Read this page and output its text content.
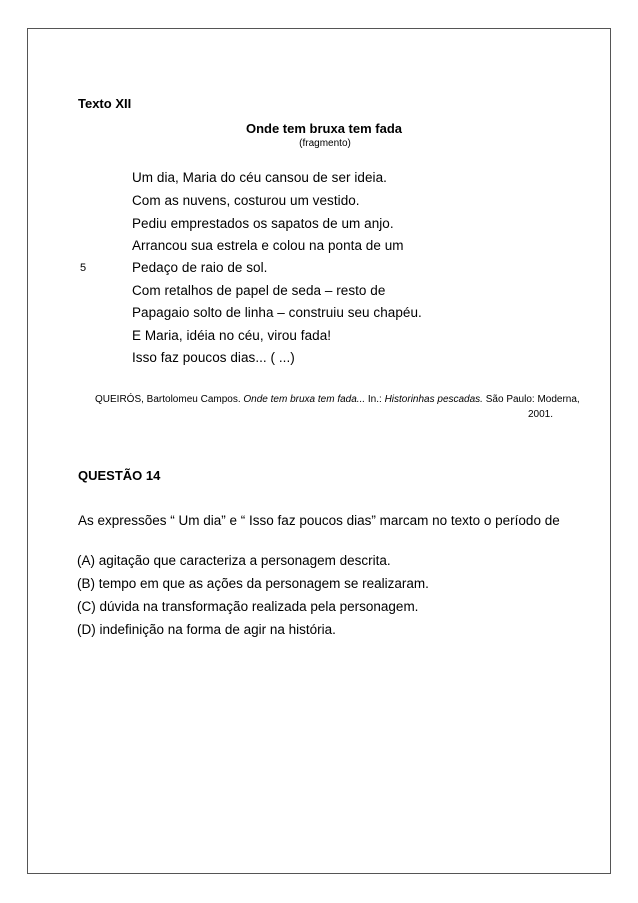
Texto XII
Onde tem bruxa tem fada
(fragmento)
Um dia, Maria do céu cansou de ser ideia.
Com as nuvens, costurou um vestido.
Pediu emprestados os sapatos de um anjo.
Arrancou sua estrela e colou na ponta de um
5	Pedaço de raio de sol.
Com retalhos de papel de seda – resto de
Papagaio solto de linha – construiu seu chapéu.
E Maria, idéia no céu, virou fada!
Isso faz poucos dias... ( ...)
QUEIRÓS, Bartolomeu Campos. Onde tem bruxa tem fada... In.: Historinhas pescadas. São Paulo: Moderna,
2001.
QUESTÃO 14
As expressões “ Um dia” e “ Isso faz poucos dias” marcam no texto o período de
(A) agitação que caracteriza a personagem descrita.
(B) tempo em que as ações da personagem se realizaram.
(C) dúvida na transformação realizada pela personagem.
(D) indefinição na forma de agir na história.
